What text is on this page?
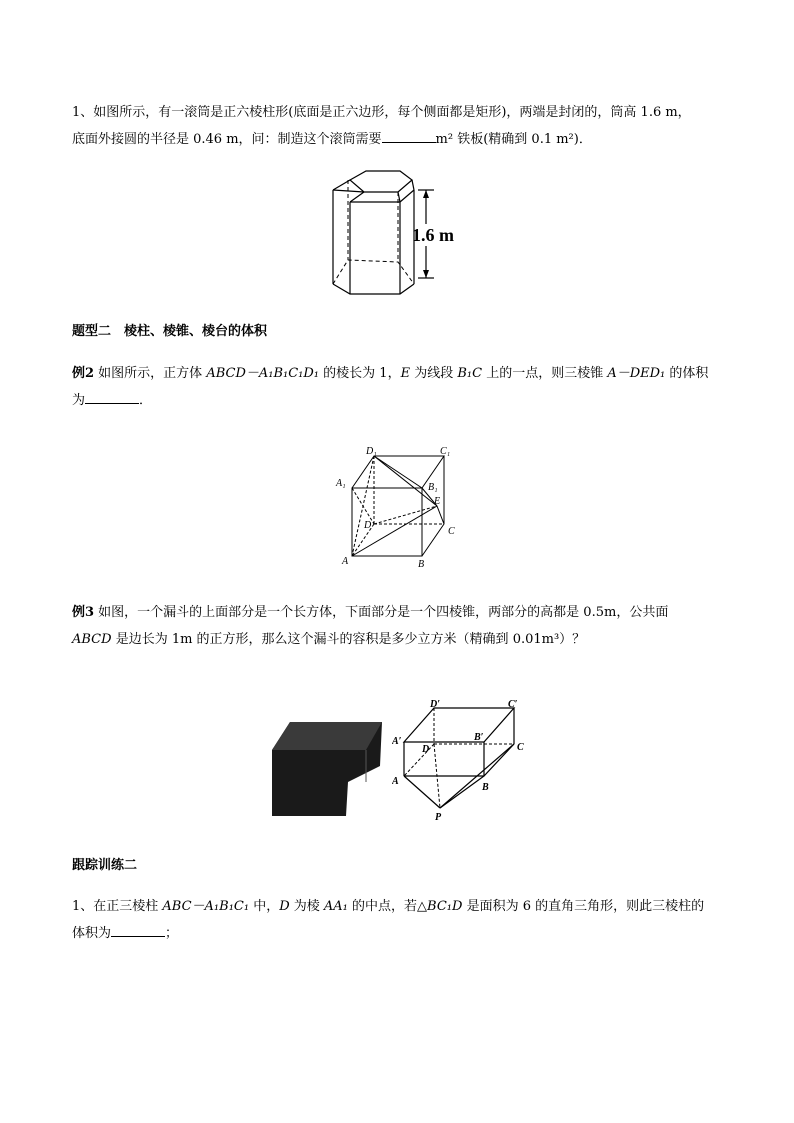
1、如图所示，有一滚筒是正六棱柱形(底面是正六边形，每个侧面都是矩形)，两端是封闭的，筒高 1.6 m，
底面外接圆的半径是 0.46 m，问：制造这个滚筒需要	m² 铁板(精确到 0.1 m²)．

1.6 m

题型二　棱柱、棱锥、棱台的体积

例2 如图所示，正方体 ABCD－A₁B₁C₁D₁ 的棱长为 1，E 为线段 B₁C 上的一点，则三棱锥 A－DED₁ 的体积
为	．

D₁	C₁
A₁	B₁
E
D
C
A	B

例3 如图，一个漏斗的上面部分是一个长方体，下面部分是一个四棱锥，两部分的高都是 0.5m，公共面
ABCD 是边长为 1m 的正方形，那么这个漏斗的容积是多少立方米（精确到 0.01m³）？

D′	C′
A′	B′
D	C
A
B
P

跟踪训练二

1、在正三棱柱 ABC－A₁B₁C₁ 中，D 为棱 AA₁ 的中点，若△BC₁D 是面积为 6 的直角三角形，则此三棱柱的
体积为	；
